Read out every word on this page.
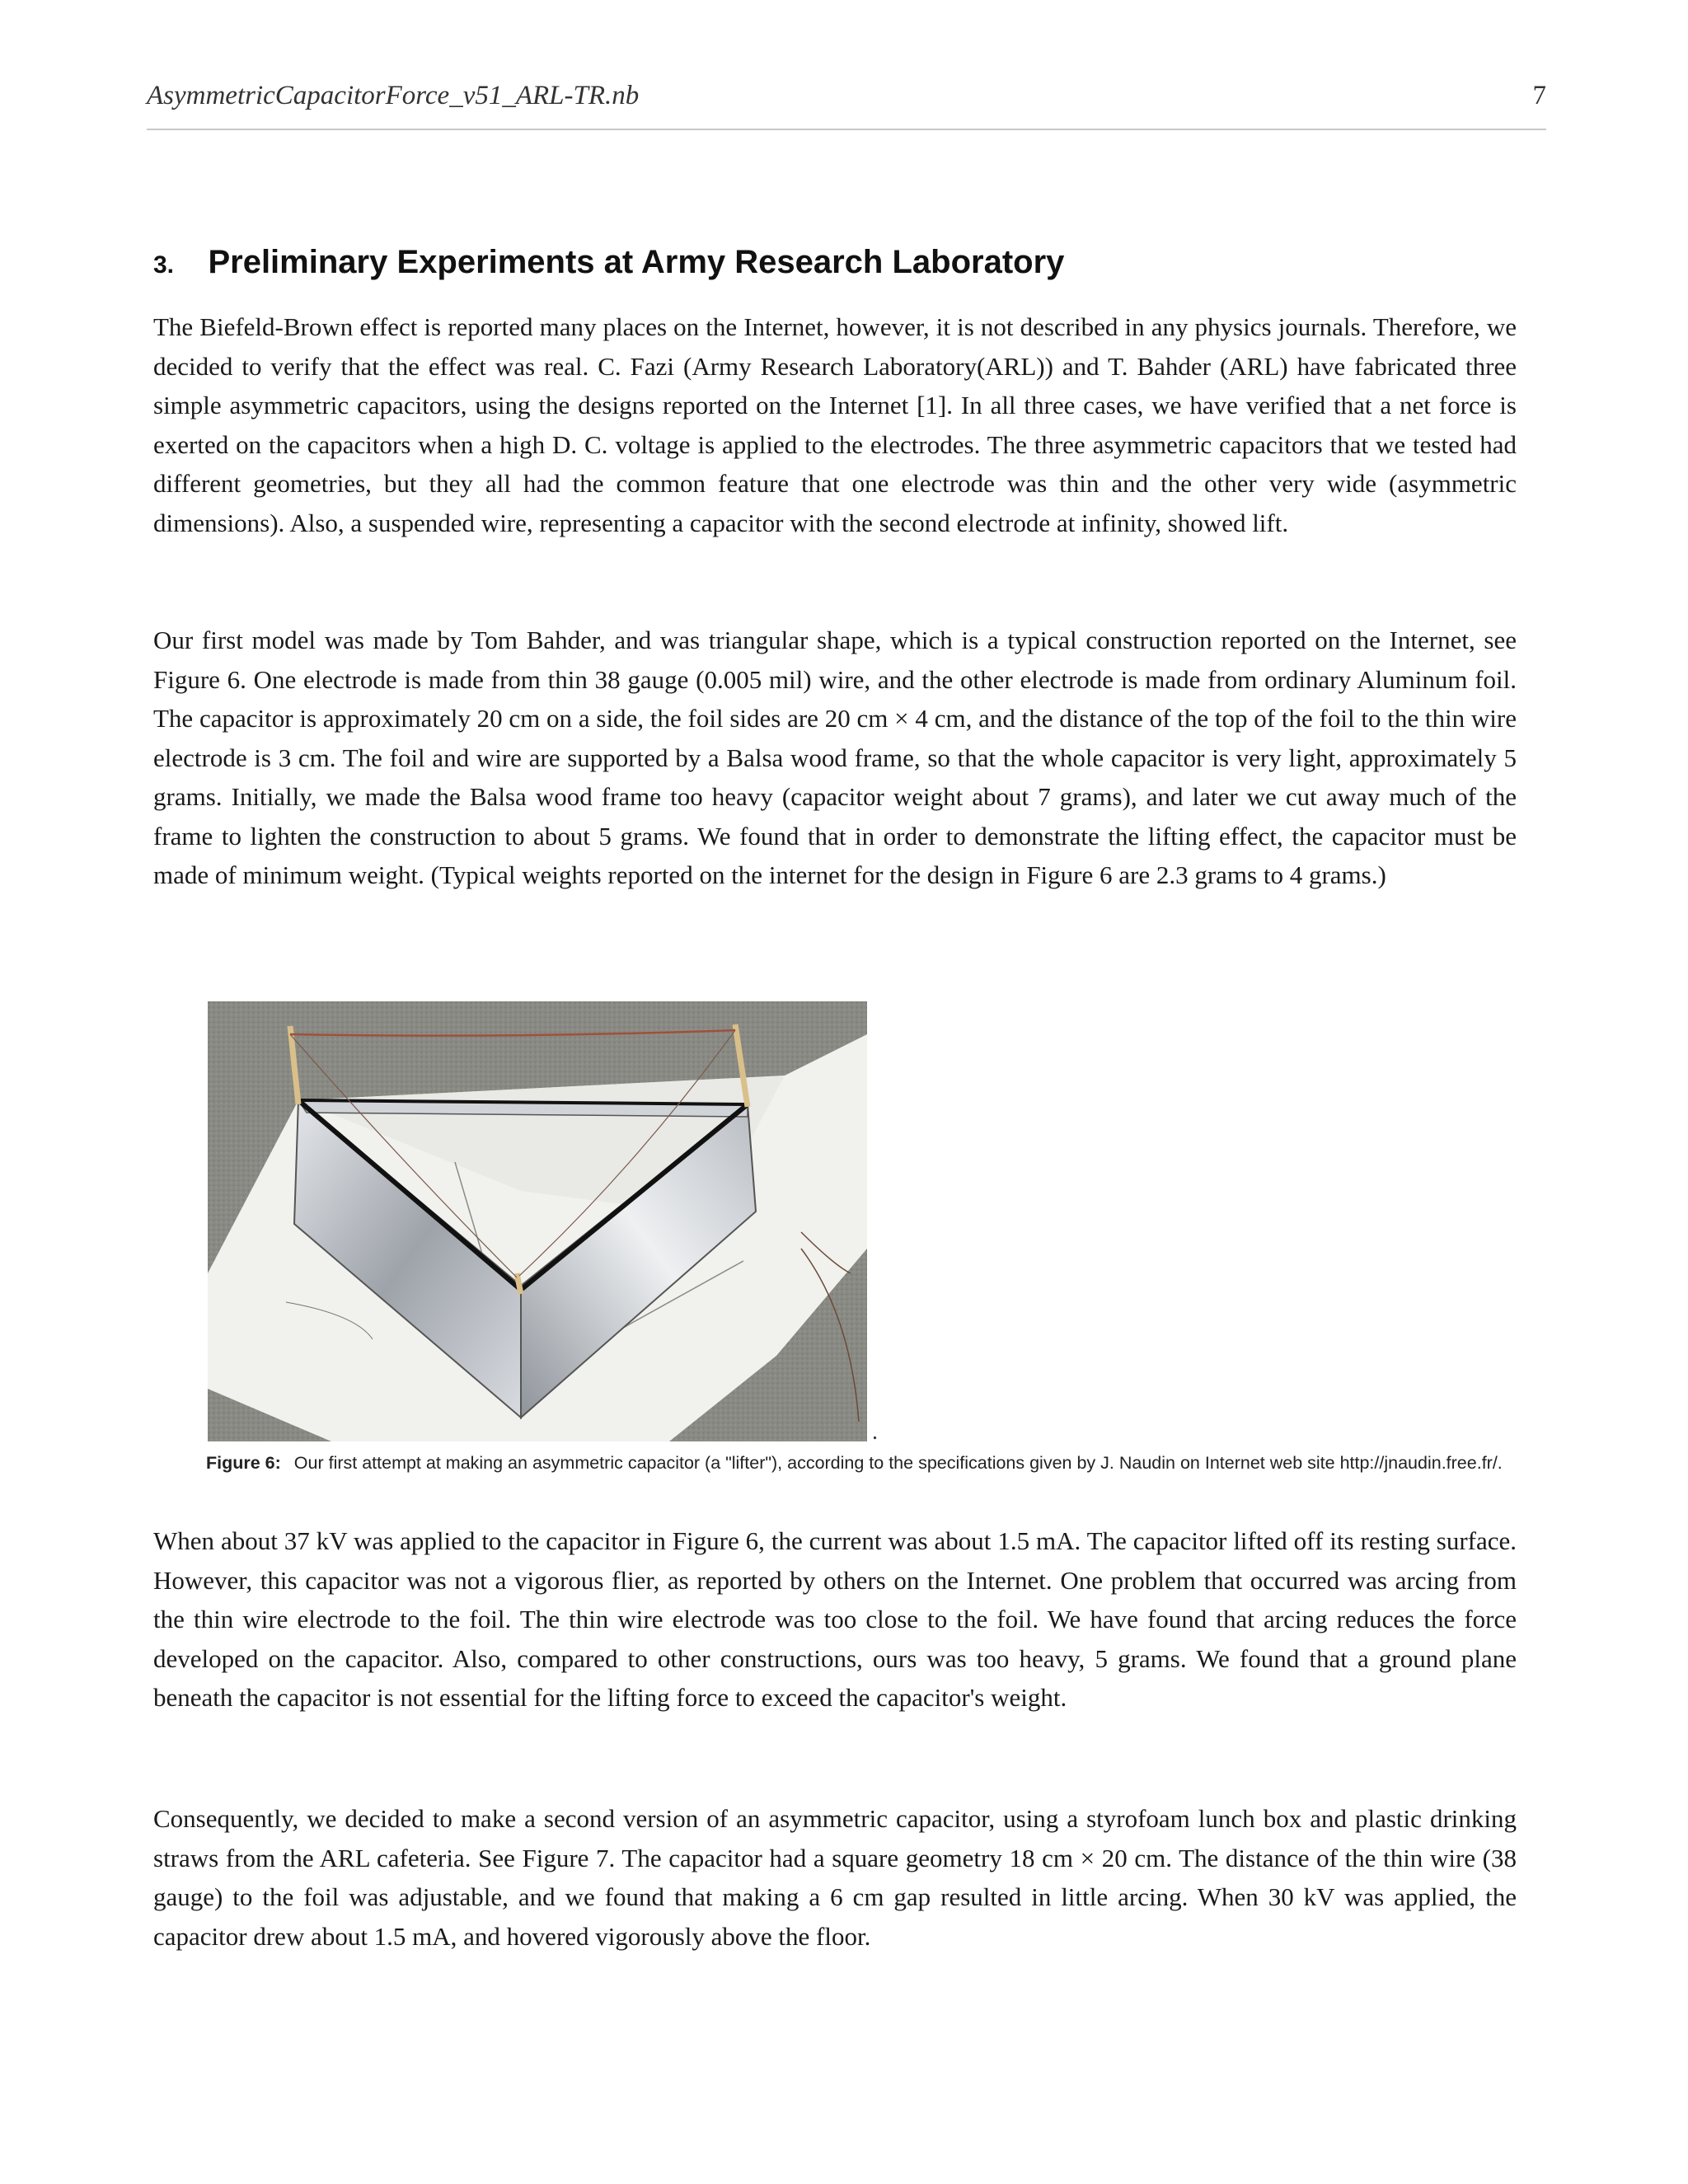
AsymmetricCapacitorForce_v51_ARL-TR.nb	7
3. Preliminary Experiments at Army Research Laboratory

The Biefeld-Brown effect is reported many places on the Internet, however, it is not described in any physics journals. Therefore, we decided to verify that the effect was real. C. Fazi (Army Research Laboratory(ARL)) and T. Bahder (ARL) have fabricated three simple asymmetric capacitors, using the designs reported on the Internet [1]. In all three cases, we have verified that a net force is exerted on the capacitors when a high D. C. voltage is applied to the electrodes. The three asymmetric capacitors that we tested had different geometries, but they all had the common feature that one electrode was thin and the other very wide (asymmetric dimensions). Also, a suspended wire, representing a capacitor with the second electrode at infinity, showed lift.

Our first model was made by Tom Bahder, and was triangular shape, which is a typical construction reported on the Internet, see Figure 6. One electrode is made from thin 38 gauge (0.005 mil) wire, and the other electrode is made from ordinary Aluminum foil. The capacitor is approximately 20 cm on a side, the foil sides are 20 cm × 4 cm, and the distance of the top of the foil to the thin wire electrode is 3 cm. The foil and wire are supported by a Balsa wood frame, so that the whole capacitor is very light, approximately 5 grams. Initially, we made the Balsa wood frame too heavy (capacitor weight about 7 grams), and later we cut away much of the frame to lighten the construction to about 5 grams. We found that in order to demonstrate the lifting effect, the capacitor must be made of minimum weight. (Typical weights reported on the internet for the design in Figure 6 are 2.3 grams to 4 grams.)

.

Figure 6: Our first attempt at making an asymmetric capacitor (a "lifter"), according to the specifications given by J. Naudin on Internet web site http://jnaudin.free.fr/.

When about 37 kV was applied to the capacitor in Figure 6, the current was about 1.5 mA. The capacitor lifted off its resting surface. However, this capacitor was not a vigorous flier, as reported by others on the Internet. One problem that occurred was arcing from the thin wire electrode to the foil. The thin wire electrode was too close to the foil. We have found that arcing reduces the force developed on the capacitor. Also, compared to other constructions, ours was too heavy, 5 grams. We found that a ground plane beneath the capacitor is not essential for the lifting force to exceed the capacitor's weight.

Consequently, we decided to make a second version of an asymmetric capacitor, using a styrofoam lunch box and plastic drinking straws from the ARL cafeteria. See Figure 7. The capacitor had a square geometry 18 cm × 20 cm. The distance of the thin wire (38 gauge) to the foil was adjustable, and we found that making a 6 cm gap resulted in little arcing. When 30 kV was applied, the capacitor drew about 1.5 mA, and hovered vigorously above the floor.
